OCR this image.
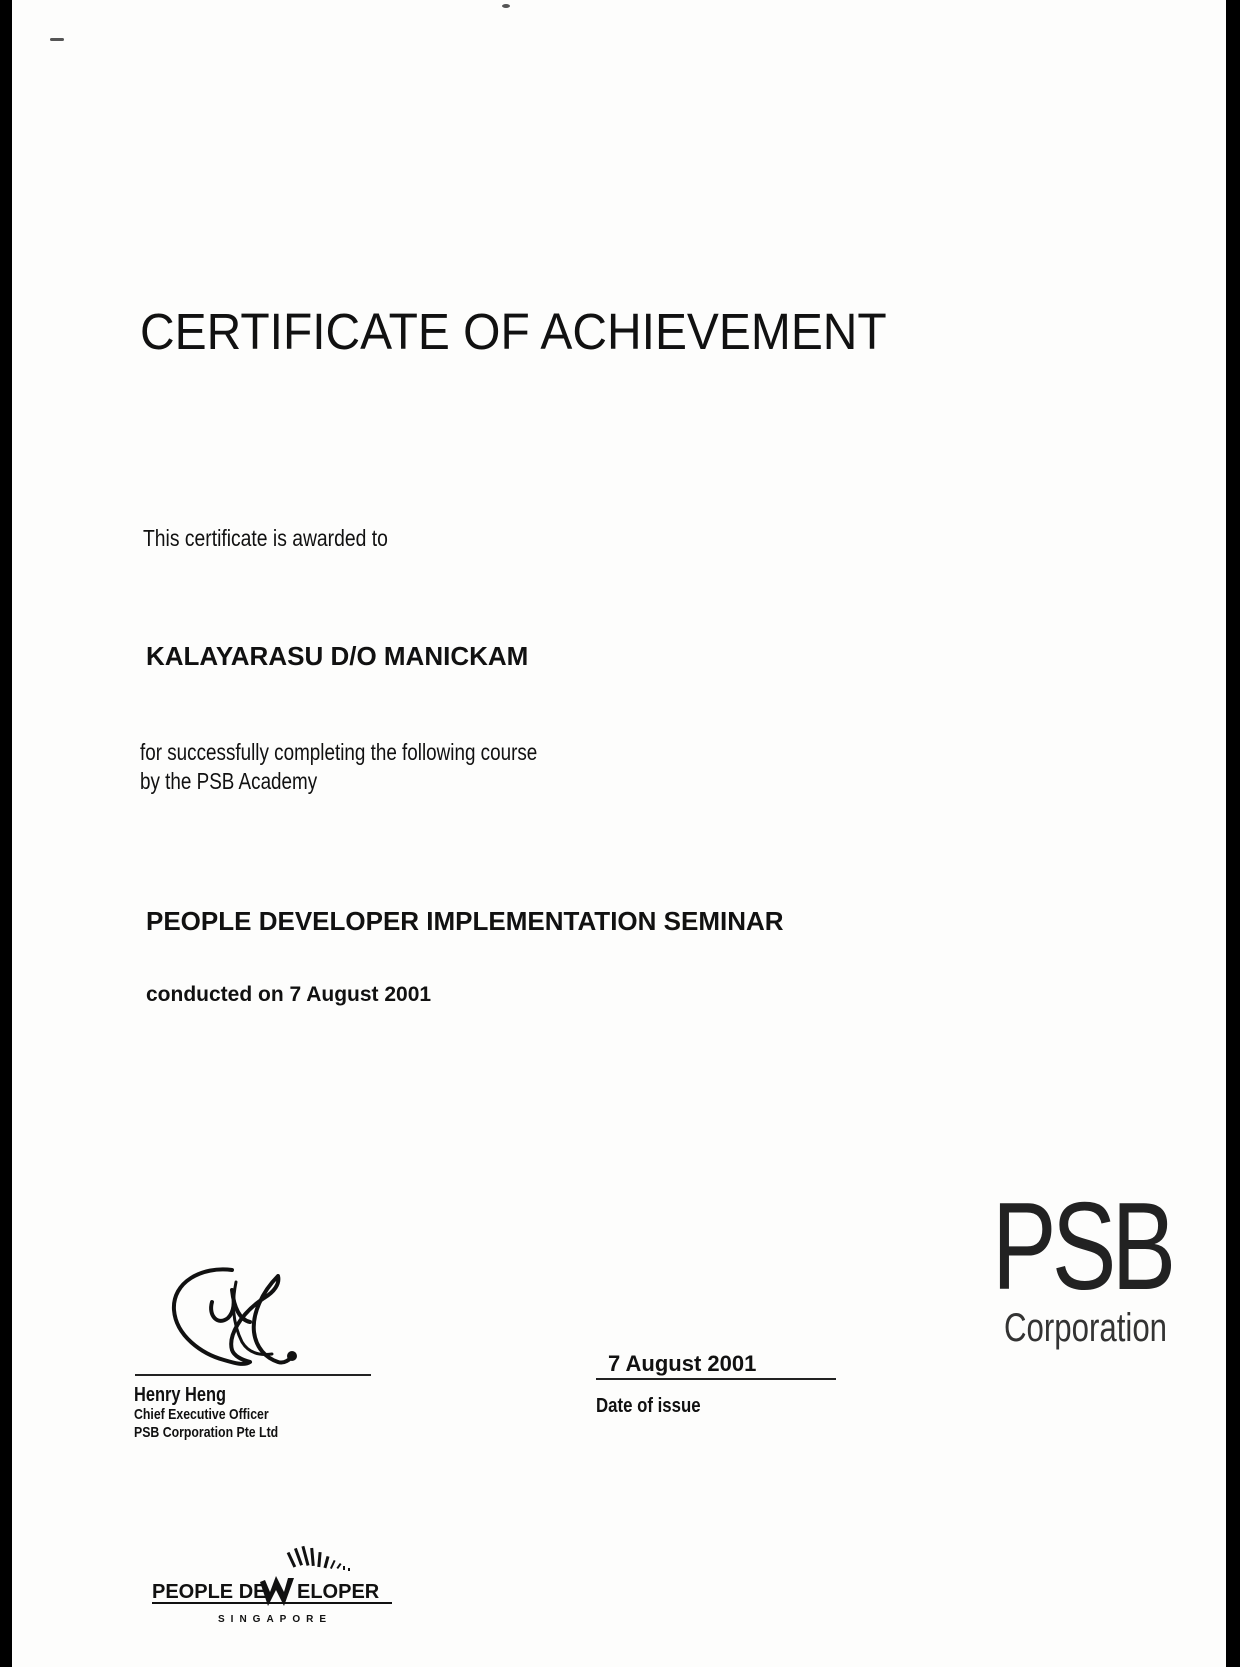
CERTIFICATE OF ACHIEVEMENT
This certificate is awarded to
KALAYARASU D/O MANICKAM
for successfully completing the following course
by the PSB Academy
PEOPLE DEVELOPER IMPLEMENTATION SEMINAR
conducted on 7 August 2001
Henry Heng
Chief Executive Officer
PSB Corporation Pte Ltd
7 August 2001
Date of issue
PSB
Corporation
PEOPLE DE ELOPER
SINGAPORE
